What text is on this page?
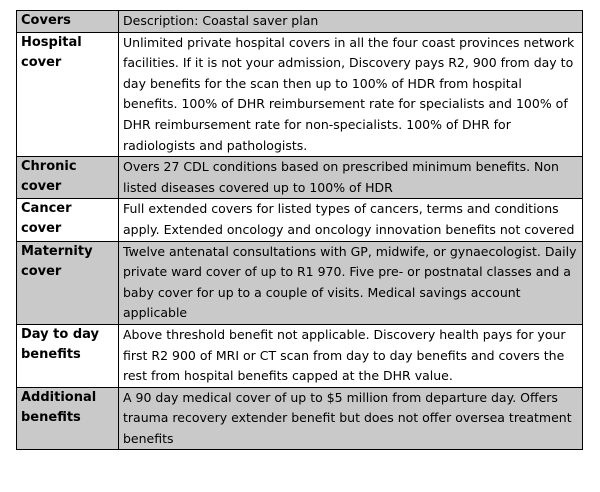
Covers	Description: Coastal saver plan
Hospital cover	Unlimited private hospital covers in all the four coast provinces network facilities. If it is not your admission, Discovery pays R2, 900 from day to day benefits for the scan then up to 100% of HDR from hospital benefits. 100% of DHR reimbursement rate for specialists and 100% of DHR reimbursement rate for non-specialists. 100% of DHR for radiologists and pathologists.
Chronic cover	Overs 27 CDL conditions based on prescribed minimum benefits. Non listed diseases covered up to 100% of HDR
Cancer cover	Full extended covers for listed types of cancers, terms and conditions apply. Extended oncology and oncology innovation benefits not covered
Maternity cover	Twelve antenatal consultations with GP, midwife, or gynaecologist. Daily private ward cover of up to R1 970. Five pre- or postnatal classes and a baby cover for up to a couple of visits. Medical savings account applicable
Day to day benefits	Above threshold benefit not applicable. Discovery health pays for your first R2 900 of MRI or CT scan from day to day benefits and covers the rest from hospital benefits capped at the DHR value.
Additional benefits	A 90 day medical cover of up to $5 million from departure day. Offers trauma recovery extender benefit but does not offer oversea treatment benefits
